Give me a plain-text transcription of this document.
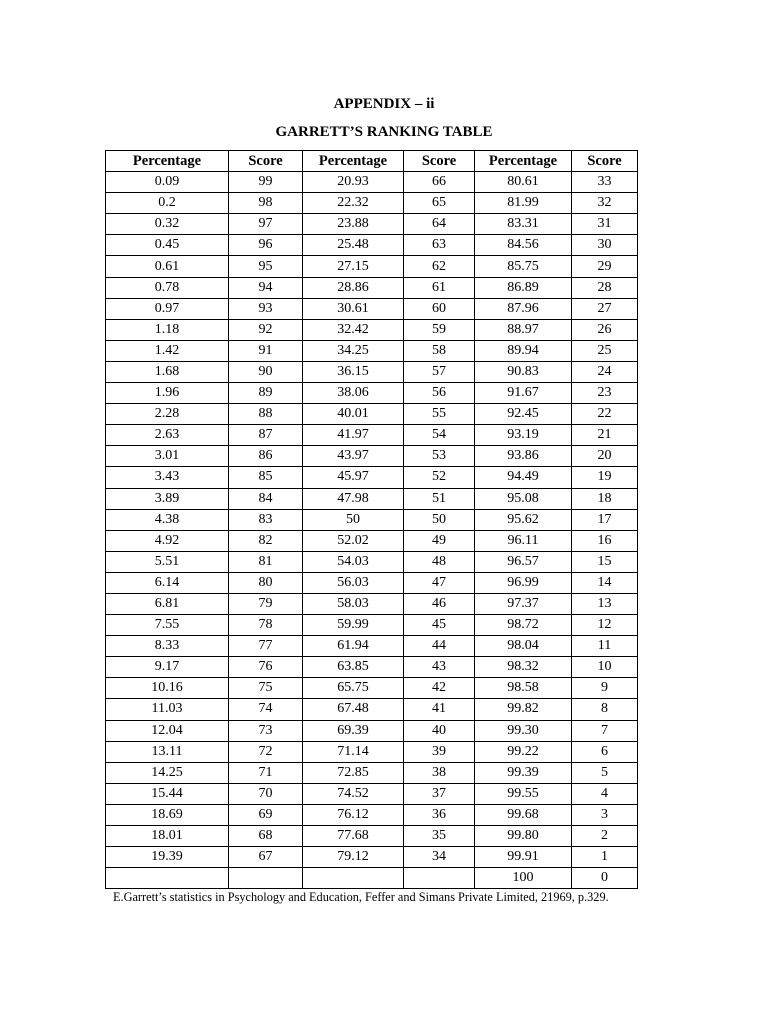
APPENDIX – ii
GARRETT’S RANKING TABLE
Percentage	Score	Percentage	Score	Percentage	Score
0.09	99	20.93	66	80.61	33
0.2	98	22.32	65	81.99	32
0.32	97	23.88	64	83.31	31
0.45	96	25.48	63	84.56	30
0.61	95	27.15	62	85.75	29
0.78	94	28.86	61	86.89	28
0.97	93	30.61	60	87.96	27
1.18	92	32.42	59	88.97	26
1.42	91	34.25	58	89.94	25
1.68	90	36.15	57	90.83	24
1.96	89	38.06	56	91.67	23
2.28	88	40.01	55	92.45	22
2.63	87	41.97	54	93.19	21
3.01	86	43.97	53	93.86	20
3.43	85	45.97	52	94.49	19
3.89	84	47.98	51	95.08	18
4.38	83	50	50	95.62	17
4.92	82	52.02	49	96.11	16
5.51	81	54.03	48	96.57	15
6.14	80	56.03	47	96.99	14
6.81	79	58.03	46	97.37	13
7.55	78	59.99	45	98.72	12
8.33	77	61.94	44	98.04	11
9.17	76	63.85	43	98.32	10
10.16	75	65.75	42	98.58	9
11.03	74	67.48	41	99.82	8
12.04	73	69.39	40	99.30	7
13.11	72	71.14	39	99.22	6
14.25	71	72.85	38	99.39	5
15.44	70	74.52	37	99.55	4
18.69	69	76.12	36	99.68	3
18.01	68	77.68	35	99.80	2
19.39	67	79.12	34	99.91	1
				100	0
E.Garrett’s statistics in Psychology and Education, Feffer and Simans Private Limited, 21969, p.329.
